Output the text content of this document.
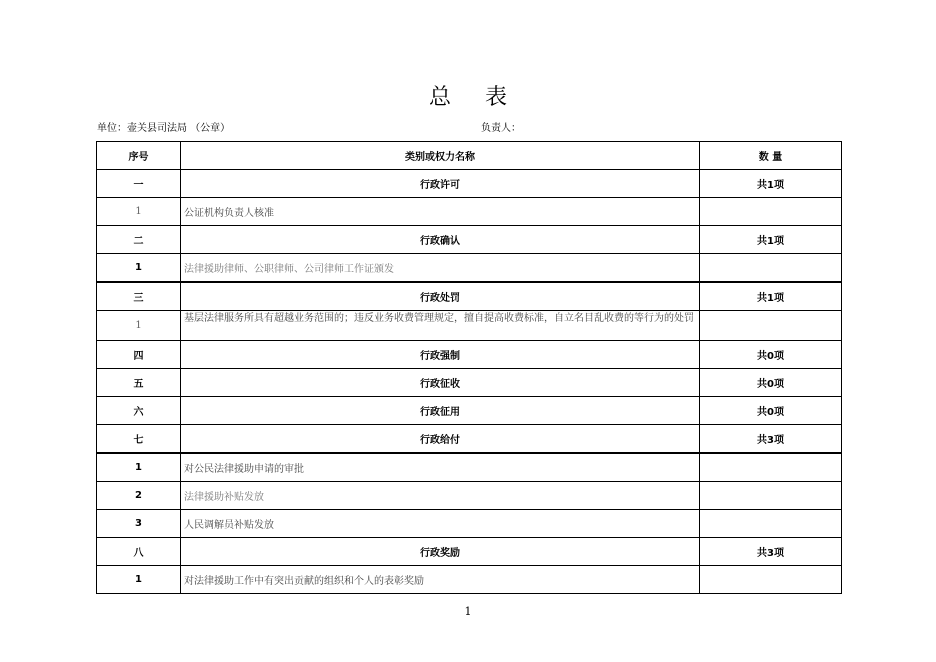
总 表
单位：壶关县司法局 （公章）	负责人：
序号	类别或权力名称	数 量
一	行政许可	共1项
1	公证机构负责人核准	
二	行政确认	共1项
1	法律援助律师、公职律师、公司律师工作证颁发	
三	行政处罚	共1项
1	基层法律服务所具有超越业务范围的；违反业务收费管理规定，擅自提高收费标准，自立名目乱收费的等行为的处罚	
四	行政强制	共0项
五	行政征收	共0项
六	行政征用	共0项
七	行政给付	共3项
1	对公民法律援助申请的审批	
2	法律援助补贴发放	
3	人民调解员补贴发放	
八	行政奖励	共3项
1	对法律援助工作中有突出贡献的组织和个人的表彰奖励	
1
